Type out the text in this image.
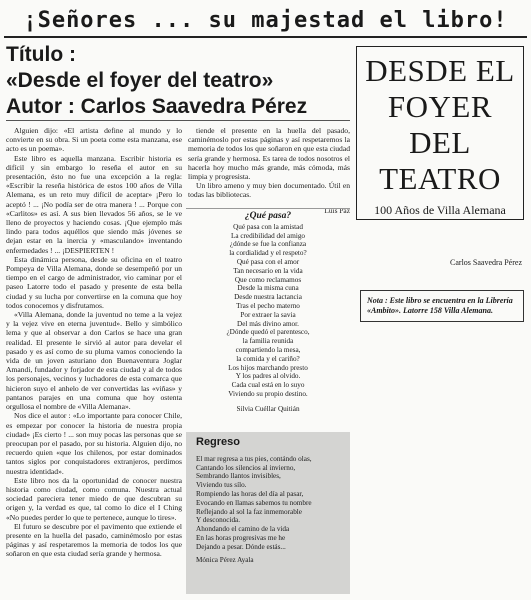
¡Señores ... su majestad el libro!
Título :
«Desde el foyer del teatro»
Autor : Carlos Saavedra Pérez

Alguien dijo: «El artista define al mundo y lo convierte en su obra. Si un poeta come esta manzana, ese acto es un poema».

Este libro es aquella manzana. Escribir historia es difícil y sin embargo lo reseña el autor en su presentación, ésto no fue una excepción a la regla: «Escribir la reseña histórica de estos 100 años de Villa Alemana, es un reto muy difícil de aceptar» ¡Pero lo aceptó ! ... ¡No podía ser de otra manera ! ... Porque con «Carlitos» es así. A sus bien llevados 56 años, se le ve lleno de proyectos y haciendo cosas. ¡Que ejemplo más lindo para todos aquéllos que siendo más jóvenes se dejan estar en la inercia y «masculando» inventando enfermedades ! ... ¡DESPIERTEN !

Esta dinámica persona, desde su oficina en el teatro Pompeya de Villa Alemana, donde se desempeñó por un tiempo en el cargo de administrador, vio caminar por el paseo Latorre todo el pasado y presente de esta bella ciudad y su lucha por convertirse en la comuna que hoy todos conocemos y disfrutamos.

«Villa Alemana, donde la juventud no teme a la vejez y la vejez vive en eterna juventud». Bello y simbólico lema y que al observar a don Carlos se hace una gran realidad. El presente le sirvió al autor para develar el pasado y es así como de su pluma vamos conociendo la vida de un joven asturiano don Buenaventura Joglar Amandi, fundador y forjador de esta ciudad y al de todos los personajes, vecinos y luchadores de esta comarca que hicieron suyo el anhelo de ver convertidas las «viñas» y pantanos parajes en una comuna que hoy ostenta orgullosa el nombre de «Villa Alemana».

Nos dice el autor : «Lo importante para conocer Chile, es empezar por conocer la historia de nuestra propia ciudad» ¡Es cierto ! ... son muy pocas las personas que se preocupan por el pasado, por su historia. Alguien dijo, no recuerdo quien «que los chilenos, por estar dominados tantos siglos por conquistadores extranjeros, perdimos nuestra identidad».

Este libro nos da la oportunidad de conocer nuestra historia como ciudad, como comuna. Nuestra actual sociedad pareciera tener miedo de que descubran su origen y, la verdad es que, tal como lo dice el I Ching «No puedes perder lo que te pertenece, aunque lo tires».

El futuro se descubre por el pavimento que extiende el presente en la huella del pasado, caminémoslo por estas páginas y así respetaremos la memoria de todos los que soñaron en que esta ciudad sería grande y hermosa.

tiende el presente en la huella del pasado, caminémoslo por estas páginas y así respetaremos la memoria de todos los que soñaron en que esta ciudad sería grande y hermosa. Es tarea de todos nosotros el hacerla hoy mucho más grande, más cómoda, más limpia y progresista.

Un libro ameno y muy bien documentado. Útil en todas las bibliotecas.

Luis Paz
¿Qué pasa?
Qué pasa con la amistad
La credibilidad del amigo
¿dónde se fue la confianza
la cordialidad y el respeto?
Qué pasa con el amor
Tan necesario en la vida
Que como reclamamos
Desde la misma cuna
Desde nuestra lactancia
Tras el pecho materno
Por extraer la savia
Del más divino amor.
¿Dónde quedó el parentesco,
la familia reunida
compartiendo la mesa,
la comida y el cariño?
Los hijos marchando presto
Y los padres al olvido.
Cada cual está en lo suyo
Viviendo su propio destino.
Silvia Cuéllar Quitián
Regreso
El mar regresa a tus pies, contándo olas,
Cantando los silencios al invierno,
Sembrando llantos invisibles,
Viviendo tus sílo.
Rompiendo las horas del día al pasar,
Evocando en llamas sabemos tu nombre
Reflejando al sol la faz inmemorable
Y desconocida.
Ahondando el camino de la vida
En las horas progresivas me he
Dejando a pesar. Dónde estás...
Mónica Pérez Ayala
DESDE EL
FOYER
DEL TEATRO
100 Años de Villa Alemana
Carlos Saavedra Pérez
Nota : Este libro se encuentra en la Librería «Ambito». Latorre 158 Villa Alemana.
